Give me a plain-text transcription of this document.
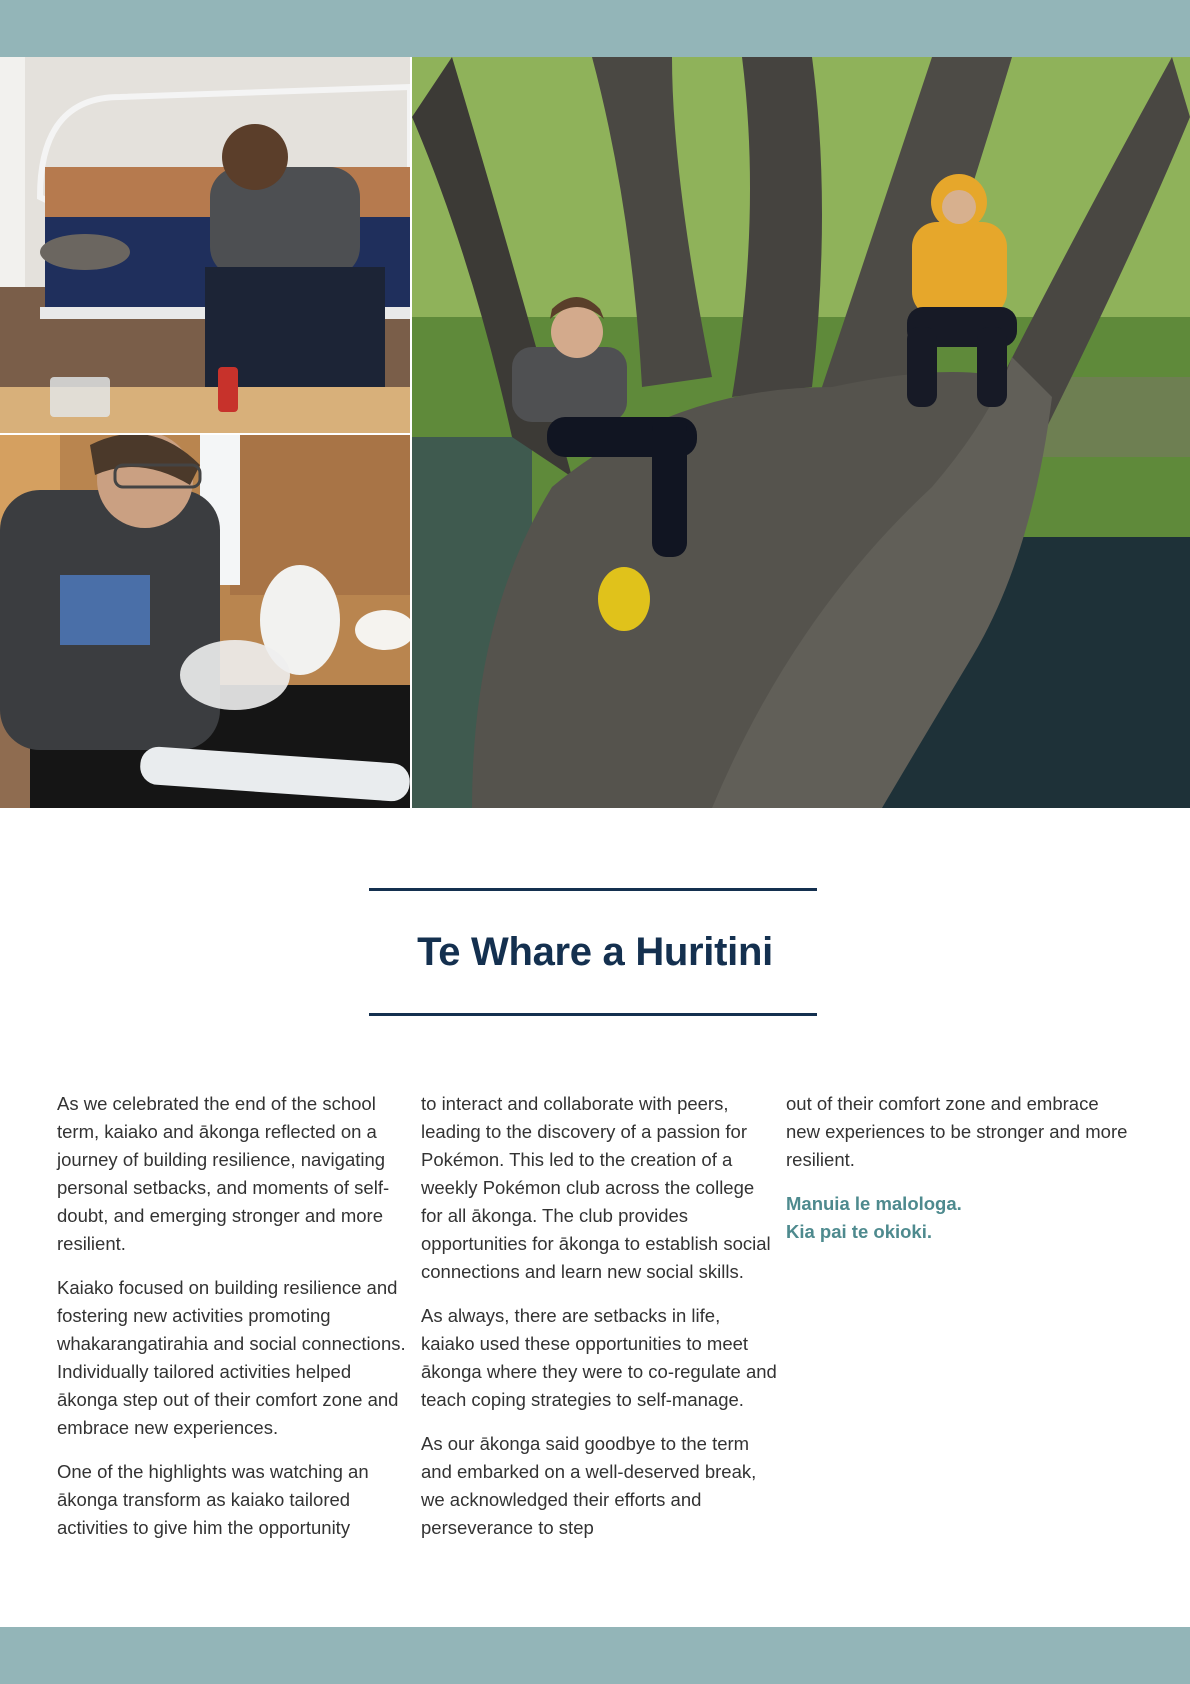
Te Whare a Huritini

As we celebrated the end of the school term, kaiako and ākonga reflected on a journey of building resilience, navigating personal setbacks, and moments of self-doubt, and emerging stronger and more resilient.

Kaiako focused on building resilience and fostering new activities promoting whakarangatirahia and social connections. Individually tailored activities helped ākonga step out of their comfort zone and embrace new experiences.

One of the highlights was watching an ākonga transform as kaiako tailored activities to give him the opportunity

to interact and collaborate with peers, leading to the discovery of a passion for Pokémon. This led to the creation of a weekly Pokémon club across the college for all ākonga. The club provides opportunities for ākonga to establish social connections and learn new social skills.

As always, there are setbacks in life, kaiako used these opportunities to meet ākonga where they were to co-regulate and teach coping strategies to self-manage.

As our ākonga said goodbye to the term and embarked on a well-deserved break, we acknowledged their efforts and perseverance to step

out of their comfort zone and embrace new experiences to be stronger and more resilient.

Manuia le malologa.
Kia pai te okioki.
